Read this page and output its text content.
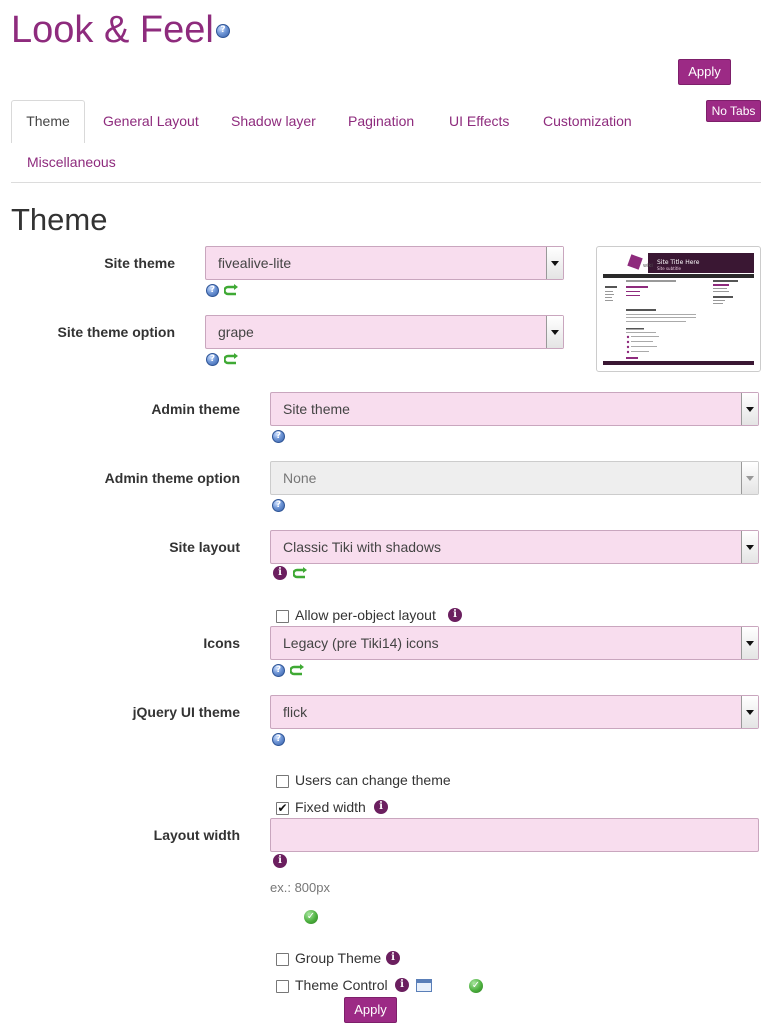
Look & Feel ?
Apply
No Tabs
Theme	General Layout Shadow layer Pagination UI Effects Customization
Miscellaneous
Theme
Site theme	fivealive-lite
?
Site theme option	grape
?
wiki Site Title Here
Site subtitle
Admin theme	Site theme
?
Admin theme option	None
?
Site layout	Classic Tiki with shadows
i
Allow per-object layout	i
Icons	Legacy (pre Tiki14) icons
?
jQuery UI theme	flick
?
Users can change theme
✔ Fixed width	i
Layout width
i
ex.: 800px
✓
Group Theme i
Theme Control	i	✓
Apply
